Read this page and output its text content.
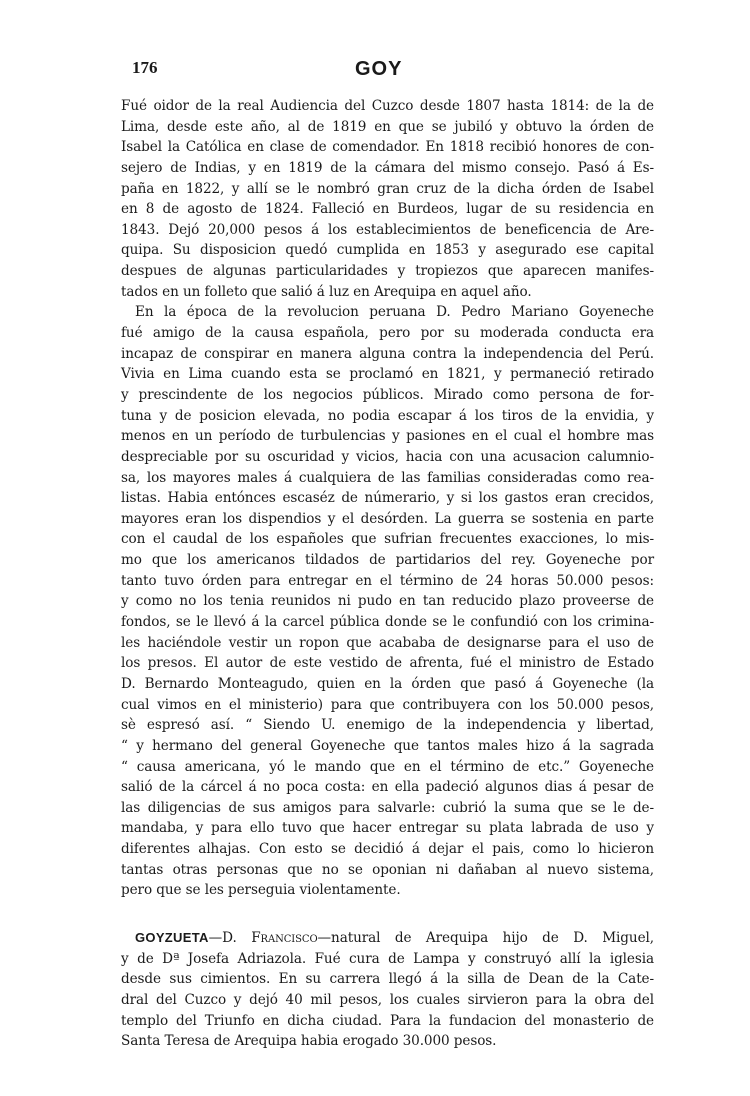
176	GOY
Fué oidor de la real Audiencia del Cuzco desde 1807 hasta 1814: de la de
Lima, desde este año, al de 1819 en que se jubiló y obtuvo la órden de
Isabel la Católica en clase de comendador. En 1818 recibió honores de con-
sejero de Indias, y en 1819 de la cámara del mismo consejo. Pasó á Es-
paña en 1822, y allí se le nombró gran cruz de la dicha órden de Isabel
en 8 de agosto de 1824. Falleció en Burdeos, lugar de su residencia en
1843. Dejó 20,000 pesos á los establecimientos de beneficencia de Are-
quipa. Su disposicion quedó cumplida en 1853 y asegurado ese capital
despues de algunas particularidades y tropiezos que aparecen manifes-
tados en un folleto que salió á luz en Arequipa en aquel año.
En la época de la revolucion peruana D. Pedro Mariano Goyeneche
fué amigo de la causa española, pero por su moderada conducta era
incapaz de conspirar en manera alguna contra la independencia del Perú.
Vivia en Lima cuando esta se proclamó en 1821, y permaneció retirado
y prescindente de los negocios públicos. Mirado como persona de for-
tuna y de posicion elevada, no podia escapar á los tiros de la envidia, y
menos en un período de turbulencias y pasiones en el cual el hombre mas
despreciable por su oscuridad y vicios, hacia con una acusacion calumnio-
sa, los mayores males á cualquiera de las familias consideradas como rea-
listas. Habia entónces escaséz de númerario, y si los gastos eran crecidos,
mayores eran los dispendios y el desórden. La guerra se sostenia en parte
con el caudal de los españoles que sufrian frecuentes exacciones, lo mis-
mo que los americanos tildados de partidarios del rey. Goyeneche por
tanto tuvo órden para entregar en el término de 24 horas 50.000 pesos:
y como no los tenia reunidos ni pudo en tan reducido plazo proveerse de
fondos, se le llevó á la carcel pública donde se le confundió con los crimina-
les haciéndole vestir un ropon que acababa de designarse para el uso de
los presos. El autor de este vestido de afrenta, fué el ministro de Estado
D. Bernardo Monteagudo, quien en la órden que pasó á Goyeneche (la
cual vimos en el ministerio) para que contribuyera con los 50.000 pesos,
sè espresó así. “ Siendo U. enemigo de la independencia y libertad,
“ y hermano del general Goyeneche que tantos males hizo á la sagrada
“ causa americana, yó le mando que en el término de etc.” Goyeneche
salió de la cárcel á no poca costa: en ella padeció algunos dias á pesar de
las diligencias de sus amigos para salvarle: cubrió la suma que se le de-
mandaba, y para ello tuvo que hacer entregar su plata labrada de uso y
diferentes alhajas. Con esto se decidió á dejar el pais, como lo hicieron
tantas otras personas que no se oponian ni dañaban al nuevo sistema,
pero que se les perseguia violentamente.
GOYZUETA—D. Francisco—natural de Arequipa hijo de D. Miguel,
y de Dª Josefa Adriazola. Fué cura de Lampa y construyó allí la iglesia
desde sus cimientos. En su carrera llegó á la silla de Dean de la Cate-
dral del Cuzco y dejó 40 mil pesos, los cuales sirvieron para la obra del
templo del Triunfo en dicha ciudad. Para la fundacion del monasterio de
Santa Teresa de Arequipa habia erogado 30.000 pesos.
